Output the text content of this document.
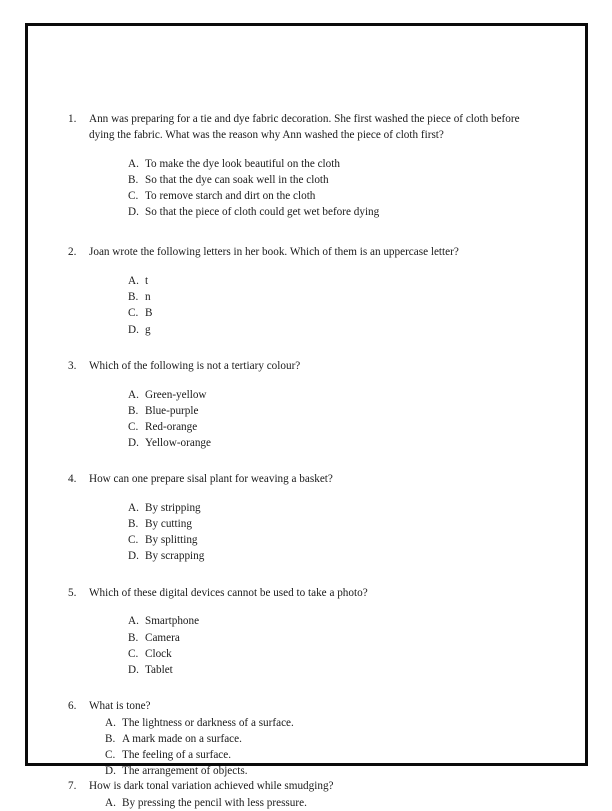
1.	Ann was preparing for a tie and dye fabric decoration. She first washed the piece of cloth before dying the fabric. What was the reason why Ann washed the piece of cloth first?
A. To make the dye look beautiful on the cloth
B. So that the dye can soak well in the cloth
C. To remove starch and dirt on the cloth
D. So that the piece of cloth could get wet before dying
2.	Joan wrote the following letters in her book. Which of them is an uppercase letter?
A. t
B. n
C. B
D. g
3.	Which of the following is not a tertiary colour?
A. Green-yellow
B. Blue-purple
C. Red-orange
D. Yellow-orange
4.	How can one prepare sisal plant for weaving a basket?
A. By stripping
B. By cutting
C. By splitting
D. By scrapping
5.	Which of these digital devices cannot be used to take a photo?
A. Smartphone
B. Camera
C. Clock
D. Tablet
6.	What is tone?
A. The lightness or darkness of a surface.
B. A mark made on a surface.
C. The feeling of a surface.
D. The arrangement of objects.
7.	How is dark tonal variation achieved while smudging?
A. By pressing the pencil with less pressure.
